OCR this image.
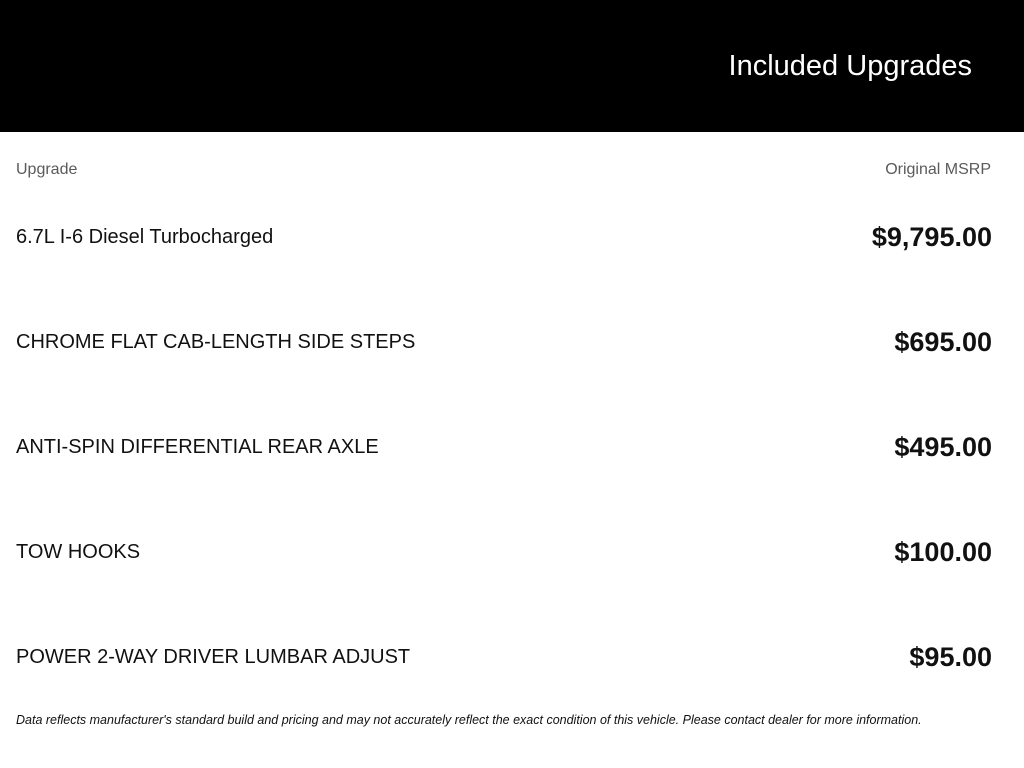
Included Upgrades
Upgrade	Original MSRP
6.7L I-6 Diesel Turbocharged	$9,795.00
CHROME FLAT CAB-LENGTH SIDE STEPS	$695.00
ANTI-SPIN DIFFERENTIAL REAR AXLE	$495.00
TOW HOOKS	$100.00
POWER 2-WAY DRIVER LUMBAR ADJUST	$95.00
Data reflects manufacturer's standard build and pricing and may not accurately reflect the exact condition of this vehicle. Please contact dealer for more information.
